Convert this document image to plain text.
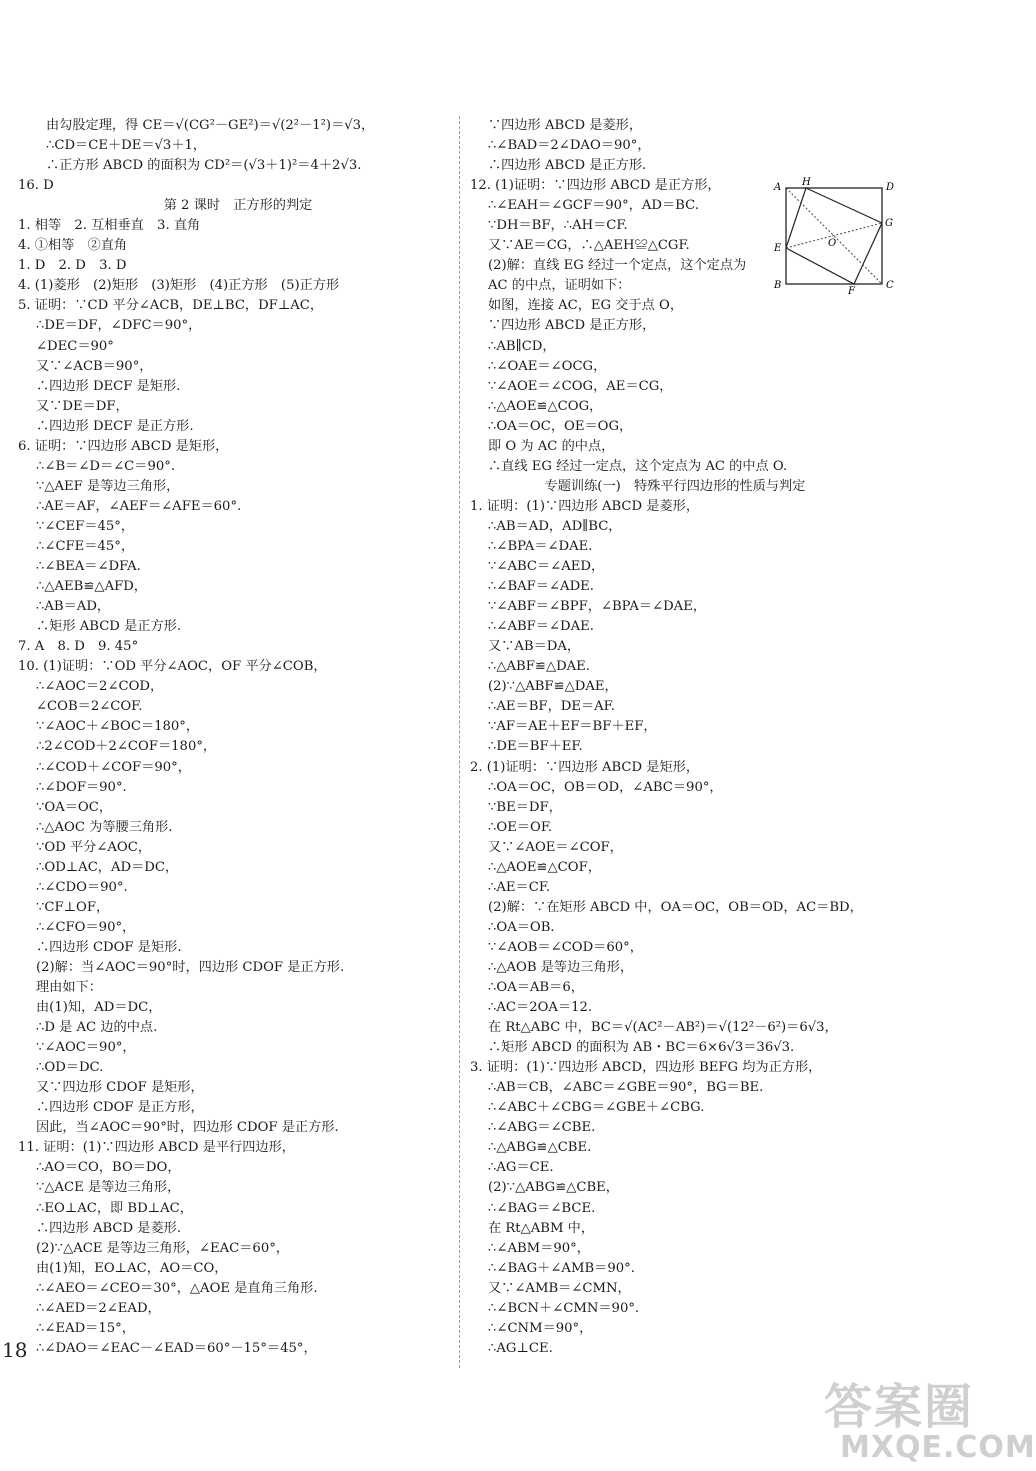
由勾股定理，得 CE＝√(CG²－GE²)＝√(2²－1²)＝√3，
∴CD＝CE＋DE＝√3＋1，
∴正方形 ABCD 的面积为 CD²＝(√3＋1)²＝4＋2√3.
16. D
第 2 课时　正方形的判定
1. 相等　2. 互相垂直　3. 直角
4. ①相等　②直角
1. D　2. D　3. D
4. (1)菱形　(2)矩形　(3)矩形　(4)正方形　(5)正方形
5. 证明：∵CD 平分∠ACB，DE⊥BC，DF⊥AC，
∴DE＝DF，∠DFC＝90°，
∠DEC＝90°
又∵∠ACB＝90°，
∴四边形 DECF 是矩形.
又∵DE＝DF，
∴四边形 DECF 是正方形.
6. 证明：∵四边形 ABCD 是矩形，
∴∠B＝∠D＝∠C＝90°.
∵△AEF 是等边三角形，
∴AE＝AF，∠AEF＝∠AFE＝60°.
∵∠CEF＝45°，
∴∠CFE＝45°，
∴∠BEA＝∠DFA.
∴△AEB≌△AFD，
∴AB＝AD，
∴矩形 ABCD 是正方形.
7. A　8. D　9. 45°
10. (1)证明：∵OD 平分∠AOC，OF 平分∠COB，
∴∠AOC＝2∠COD，
∠COB＝2∠COF.
∵∠AOC＋∠BOC＝180°，
∴2∠COD＋2∠COF＝180°，
∴∠COD＋∠COF＝90°，
∴∠DOF＝90°.
∵OA＝OC，
∴△AOC 为等腰三角形.
∵OD 平分∠AOC，
∴OD⊥AC，AD＝DC，
∴∠CDO＝90°.
∵CF⊥OF，
∴∠CFO＝90°，
∴四边形 CDOF 是矩形.
(2)解：当∠AOC＝90°时，四边形 CDOF 是正方形.
理由如下：
由(1)知，AD＝DC，
∴D 是 AC 边的中点.
∵∠AOC＝90°，
∴OD＝DC.
又∵四边形 CDOF 是矩形，
∴四边形 CDOF 是正方形，
因此，当∠AOC＝90°时，四边形 CDOF 是正方形.
11. 证明：(1)∵四边形 ABCD 是平行四边形，
∴AO＝CO，BO＝DO，
∵△ACE 是等边三角形，
∴EO⊥AC，即 BD⊥AC，
∴四边形 ABCD 是菱形.
(2)∵△ACE 是等边三角形，∠EAC＝60°，
由(1)知，EO⊥AC，AO＝CO，
∴∠AEO＝∠CEO＝30°，△AOE 是直角三角形.
∴∠AED＝2∠EAD，
∴∠EAD＝15°，
∴∠DAO＝∠EAC－∠EAD＝60°－15°＝45°，
∵四边形 ABCD 是菱形，
∴∠BAD＝2∠DAO＝90°，
∴四边形 ABCD 是正方形.
12. (1)证明：∵四边形 ABCD 是正方形，
∴∠EAH＝∠GCF＝90°，AD＝BC.
∵DH＝BF，∴AH＝CF.
又∵AE＝CG，∴△AEH≌△CGF.
(2)解：直线 EG 经过一个定点，这个定点为
AC 的中点，证明如下：
如图，连接 AC，EG 交于点 O，
∵四边形 ABCD 是正方形，
∴AB∥CD，
∴∠OAE＝∠OCG，
∵∠AOE＝∠COG，AE＝CG，
∴△AOE≌△COG，
∴OA＝OC，OE＝OG，
即 O 为 AC 的中点，
∴直线 EG 经过一定点，这个定点为 AC 的中点 O.
专题训练(一)　特殊平行四边形的性质与判定
1. 证明：(1)∵四边形 ABCD 是菱形，
∴AB＝AD，AD∥BC，
∴∠BPA＝∠DAE.
∵∠ABC＝∠AED，
∴∠BAF＝∠ADE.
∵∠ABF＝∠BPF，∠BPA＝∠DAE，
∴∠ABF＝∠DAE.
又∵AB＝DA，
∴△ABF≌△DAE.
(2)∵△ABF≌△DAE，
∴AE＝BF，DE＝AF.
∵AF＝AE＋EF＝BF＋EF，
∴DE＝BF＋EF.
2. (1)证明：∵四边形 ABCD 是矩形，
∴OA＝OC，OB＝OD，∠ABC＝90°，
∵BE＝DF，
∴OE＝OF.
又∵∠AOE＝∠COF，
∴△AOE≌△COF，
∴AE＝CF.
(2)解：∵在矩形 ABCD 中，OA＝OC，OB＝OD，AC＝BD，
∴OA＝OB.
∵∠AOB＝∠COD＝60°，
∴△AOB 是等边三角形，
∴OA＝AB＝6，
∴AC＝2OA＝12.
在 Rt△ABC 中，BC＝√(AC²－AB²)＝√(12²－6²)＝6√3，
∴矩形 ABCD 的面积为 AB・BC＝6×6√3＝36√3.
3. 证明：(1)∵四边形 ABCD，四边形 BEFG 均为正方形，
∴AB＝CB，∠ABC＝∠GBE＝90°，BG＝BE.
∴∠ABC＋∠CBG＝∠GBE＋∠CBG.
∴∠ABG＝∠CBE.
∴△ABG≌△CBE.
∴AG＝CE.
(2)∵△ABG≌△CBE，
∴∠BAG＝∠BCE.
在 Rt△ABM 中，
∴∠ABM＝90°，
∴∠BAG＋∠AMB＝90°.
又∵∠AMB＝∠CMN，
∴∠BCN＋∠CMN＝90°.
∴∠CNM＝90°，
∴AG⊥CE.
A H	D
G
E	O
B
F
C
18
答案圈
MXQE.COM
